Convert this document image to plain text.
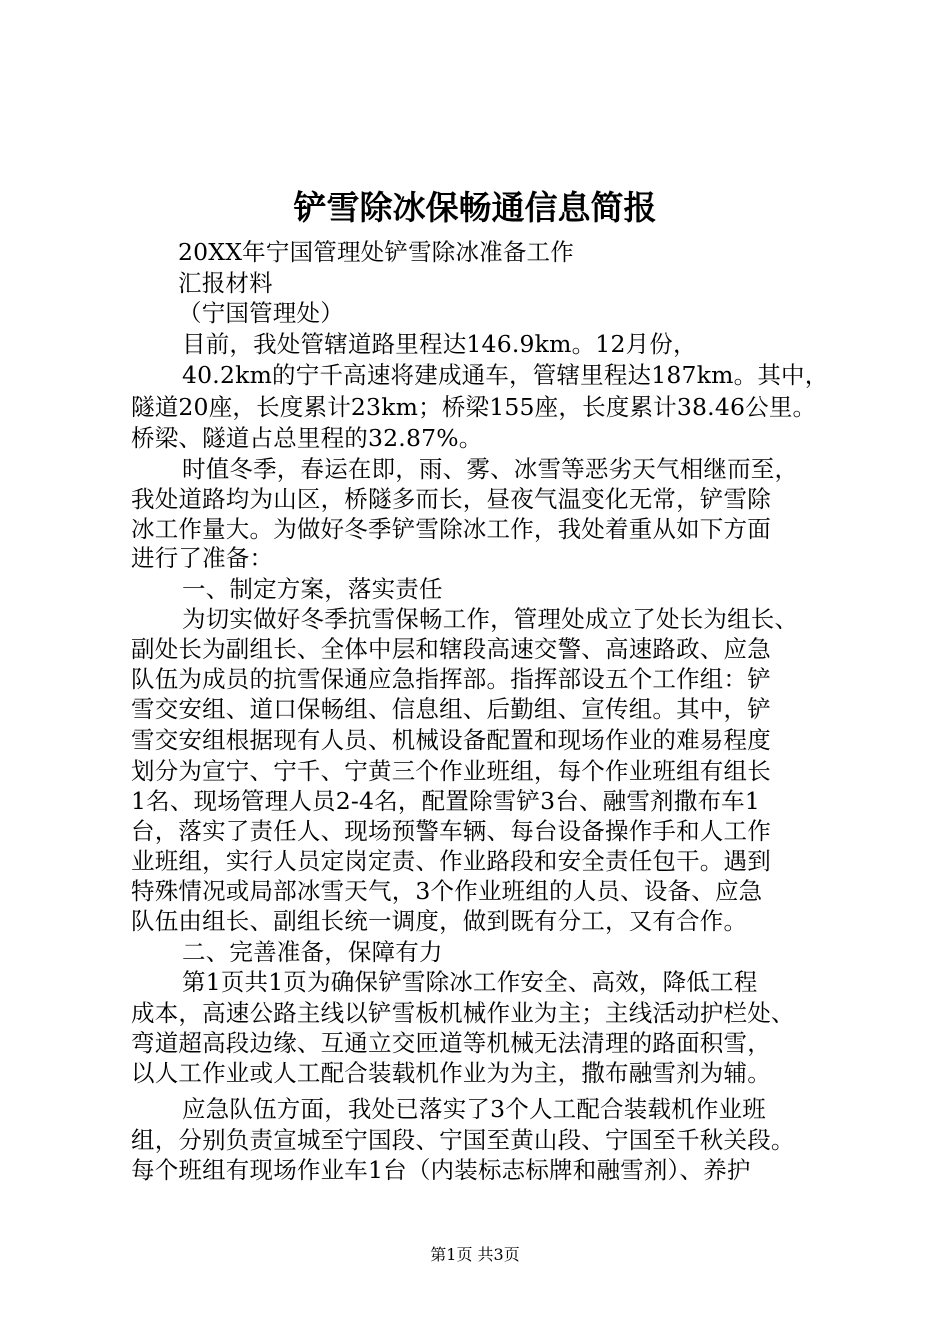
铲雪除冰保畅通信息简报
20XX年宁国管理处铲雪除冰准备工作
汇报材料
（宁国管理处）
目前，我处管辖道路里程达146.9km。12月份，
40.2km的宁千高速将建成通车，管辖里程达187km。其中，
隧道20座，长度累计23km；桥梁155座，长度累计38.46公里。
桥梁、隧道占总里程的32.87%。
时值冬季，春运在即，雨、雾、冰雪等恶劣天气相继而至，
我处道路均为山区，桥隧多而长，昼夜气温变化无常，铲雪除
冰工作量大。为做好冬季铲雪除冰工作，我处着重从如下方面
进行了准备：
一、制定方案，落实责任
为切实做好冬季抗雪保畅工作，管理处成立了处长为组长、
副处长为副组长、全体中层和辖段高速交警、高速路政、应急
队伍为成员的抗雪保通应急指挥部。指挥部设五个工作组：铲
雪交安组、道口保畅组、信息组、后勤组、宣传组。其中，铲
雪交安组根据现有人员、机械设备配置和现场作业的难易程度
划分为宣宁、宁千、宁黄三个作业班组，每个作业班组有组长
1名、现场管理人员2-4名，配置除雪铲3台、融雪剂撒布车1
台，落实了责任人、现场预警车辆、每台设备操作手和人工作
业班组，实行人员定岗定责、作业路段和安全责任包干。遇到
特殊情况或局部冰雪天气，3个作业班组的人员、设备、应急
队伍由组长、副组长统一调度，做到既有分工，又有合作。
二、完善准备，保障有力
第1页共1页为确保铲雪除冰工作安全、高效，降低工程
成本，高速公路主线以铲雪板机械作业为主；主线活动护栏处、
弯道超高段边缘、互通立交匝道等机械无法清理的路面积雪，
以人工作业或人工配合装载机作业为为主，撒布融雪剂为辅。
应急队伍方面，我处已落实了3个人工配合装载机作业班
组，分别负责宣城至宁国段、宁国至黄山段、宁国至千秋关段。
每个班组有现场作业车1台（内装标志标牌和融雪剂）、养护
第1页 共3页
